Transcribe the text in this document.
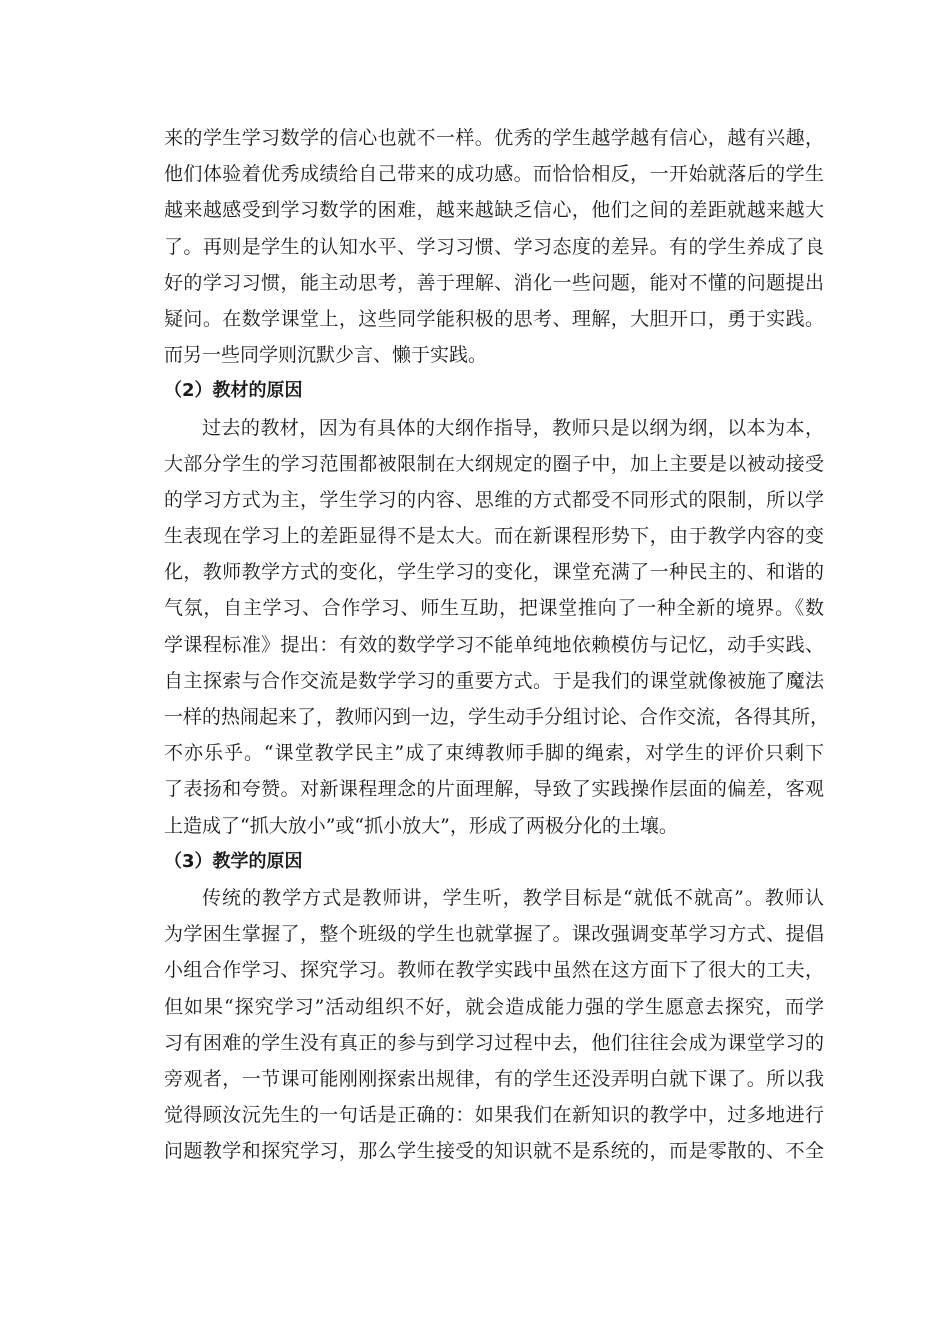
来的学生学习数学的信心也就不一样。优秀的学生越学越有信心，越有兴趣，
他们体验着优秀成绩给自己带来的成功感。而恰恰相反，一开始就落后的学生
越来越感受到学习数学的困难，越来越缺乏信心，他们之间的差距就越来越大
了。再则是学生的认知水平、学习习惯、学习态度的差异。有的学生养成了良
好的学习习惯，能主动思考，善于理解、消化一些问题，能对不懂的问题提出
疑问。在数学课堂上，这些同学能积极的思考、理解，大胆开口，勇于实践。
而另一些同学则沉默少言、懒于实践。
（2）教材的原因
过去的教材，因为有具体的大纲作指导，教师只是以纲为纲，以本为本，
大部分学生的学习范围都被限制在大纲规定的圈子中，加上主要是以被动接受
的学习方式为主，学生学习的内容、思维的方式都受不同形式的限制，所以学
生表现在学习上的差距显得不是太大。而在新课程形势下，由于教学内容的变
化，教师教学方式的变化，学生学习的变化，课堂充满了一种民主的、和谐的
气氛，自主学习、合作学习、师生互助，把课堂推向了一种全新的境界。《数
学课程标准》提出：有效的数学学习不能单纯地依赖模仿与记忆，动手实践、
自主探索与合作交流是数学学习的重要方式。于是我们的课堂就像被施了魔法
一样的热闹起来了，教师闪到一边，学生动手分组讨论、合作交流，各得其所，
不亦乐乎。“课堂教学民主”成了束缚教师手脚的绳索，对学生的评价只剩下
了表扬和夸赞。对新课程理念的片面理解，导致了实践操作层面的偏差，客观
上造成了“抓大放小”或“抓小放大”，形成了两极分化的土壤。
（3）教学的原因
传统的教学方式是教师讲，学生听，教学目标是“就低不就高”。教师认
为学困生掌握了，整个班级的学生也就掌握了。课改强调变革学习方式、提倡
小组合作学习、探究学习。教师在教学实践中虽然在这方面下了很大的工夫，
但如果“探究学习”活动组织不好，就会造成能力强的学生愿意去探究，而学
习有困难的学生没有真正的参与到学习过程中去，他们往往会成为课堂学习的
旁观者，一节课可能刚刚探索出规律，有的学生还没弄明白就下课了。所以我
觉得顾汝沅先生的一句话是正确的：如果我们在新知识的教学中，过多地进行
问题教学和探究学习，那么学生接受的知识就不是系统的，而是零散的、不全
